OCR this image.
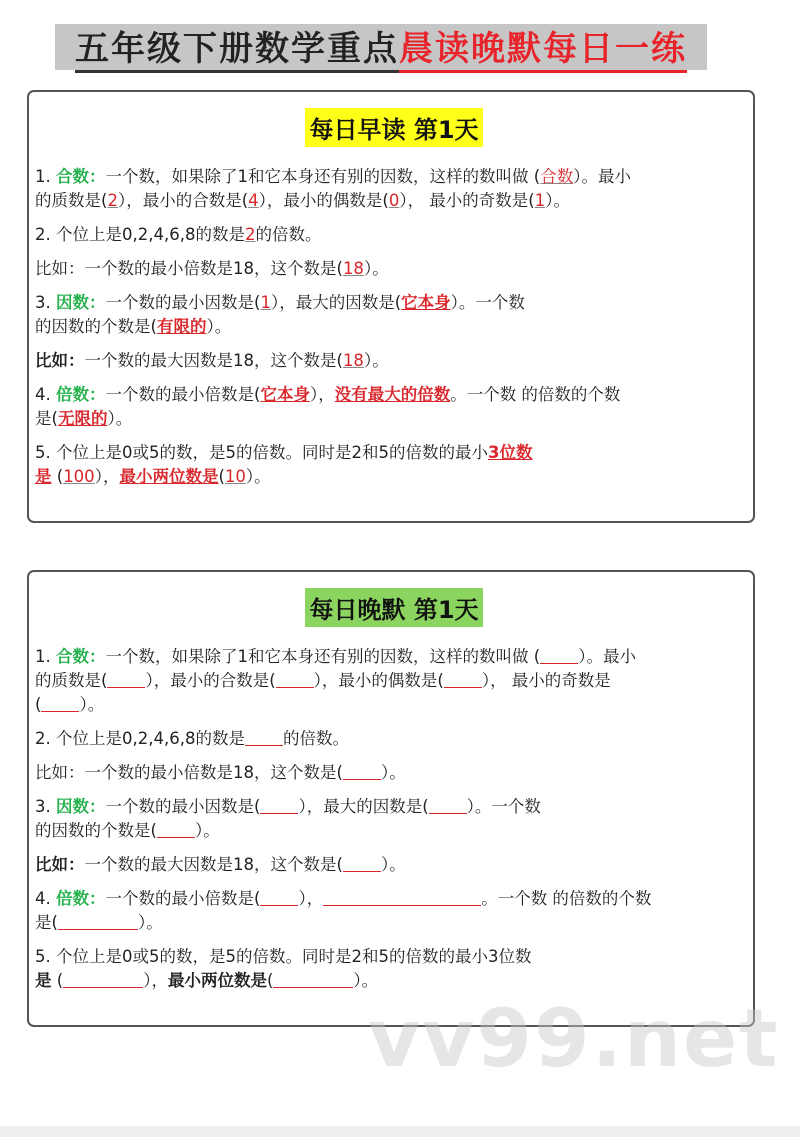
五年级下册数学重点 晨读晚默每日一练
每日早读 第1天
1. 合数：一个数，如果除了1和它本身还有别的因数，这样的数叫做 (合数）。最小
的质数是(2），最小的合数是(4），最小的偶数是(0）， 最小的奇数是(1）。
2. 个位上是0,2,4,6,8的数是2的倍数。
比如：一个数的最小倍数是18，这个数是(18）。
3. 因数：一个数的最小因数是(1），最大的因数是(它本身）。一个数
的因数的个数是(有限的）。
比如：一个数的最大因数是18，这个数是(18）。
4. 倍数：一个数的最小倍数是(它本身），没有最大的倍数。一个数 的倍数的个数
是(无限的）。
5. 个位上是0或5的数，是5的倍数。同时是2和5的倍数的最小3位数
是 (100），最小两位数是(10）。
每日晚默 第1天
1. 合数：一个数，如果除了1和它本身还有别的因数，这样的数叫做 ( ）。最小
的质数是( ），最小的合数是( ），最小的偶数是( ）， 最小的奇数是
( ）。
2. 个位上是0,2,4,6,8的数是 的倍数。
比如：一个数的最小倍数是18，这个数是( ）。
3. 因数：一个数的最小因数是( ），最大的因数是( ）。一个数
的因数的个数是( ）。
比如：一个数的最大因数是18，这个数是( ）。
4. 倍数：一个数的最小倍数是( ），	。一个数 的倍数的个数
是(	）。
5. 个位上是0或5的数，是5的倍数。同时是2和5的倍数的最小3位数
是 (	），最小两位数是(	）。
vv99.net
